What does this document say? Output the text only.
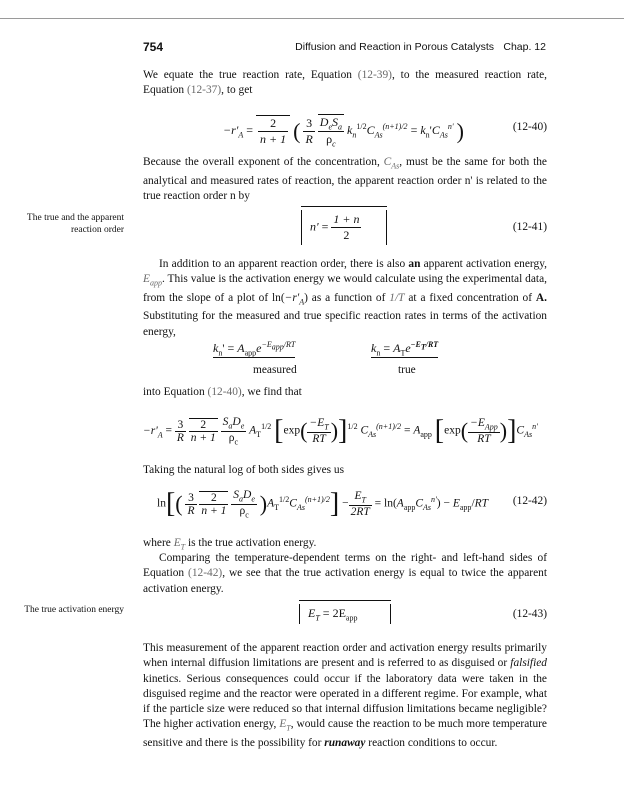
754	Diffusion and Reaction in Porous Catalysts Chap. 12
We equate the true reaction rate, Equation (12-39), to the measured reaction rate, Equation (12-37), to get
$-r'_A = \frac{2}{n + 1}$ ( $\frac{3}{R}$
$\frac{D_eS_a}{\rho_c} k_n^{1/2}C_{As}^{(n+1)/2} = k_n'C_{As}^{n'}$ )	(12-40)
Because the overall exponent of the concentration, $C_{As}$, must be the same for both the analytical and measured rates of reaction, the apparent reaction order n' is related to the true reaction order n by
The true and the apparent reaction order	$n' = \frac{1 + n}{2}$	(12-41)
In addition to an apparent reaction order, there is also an apparent activation energy, $E_{app}$. This value is the activation energy we would calculate using the experimental data, from the slope of a plot of $\ln(-r'_A)$ as a function of 1/T at a fixed concentration of A. Substituting for the measured and true specific reaction rates in terms of the activation energy,
$k_n' = A_{app}e^{-E_{app}/RT}$	$k_n = A_Te^{-E_T/RT}$
measured	true
into Equation (12-40), we find that
$-r'_A = \frac{3}{R}$
$\frac{2}{n + 1}$
$\frac{S_aD_e}{\rho_c} A_T^{1/2}$ $[\exp( \frac{-E_T}{RT} )]^{1/2}$ $C_{As}^{(n+1)/2} = A_{app}$ $[\exp( \frac{-E_{App}}{RT} )]C_{As}^{n'}$
Taking the natural log of both sides gives us
$\ln[( \frac{3}{R}$
$\frac{2}{n + 1}$
$\frac{S_aD_e}{\rho_c} )A_T^{1/2}C_{As}^{(n+1)/2}] - \frac{E_T}{2RT} = \ln(A_{app}C_{As}^{n'}) - E_{app}/RT$ (12-42)
where $E_T$ is the true activation energy.
Comparing the temperature-dependent terms on the right- and left-hand sides of Equation (12-42), we see that the true activation energy is equal to twice the apparent activation energy.
The true activation energy	$E_T = 2E_{app}$	(12-43)
This measurement of the apparent reaction order and activation energy results primarily when internal diffusion limitations are present and is referred to as disguised or falsified kinetics. Serious consequences could occur if the laboratory data were taken in the disguised regime and the reactor were operated in a different regime. For example, what if the particle size were reduced so that internal diffusion limitations became negligible? The higher activation energy, $E_T$, would cause the reaction to be much more temperature sensitive and there is the possibility for runaway reaction conditions to occur.
